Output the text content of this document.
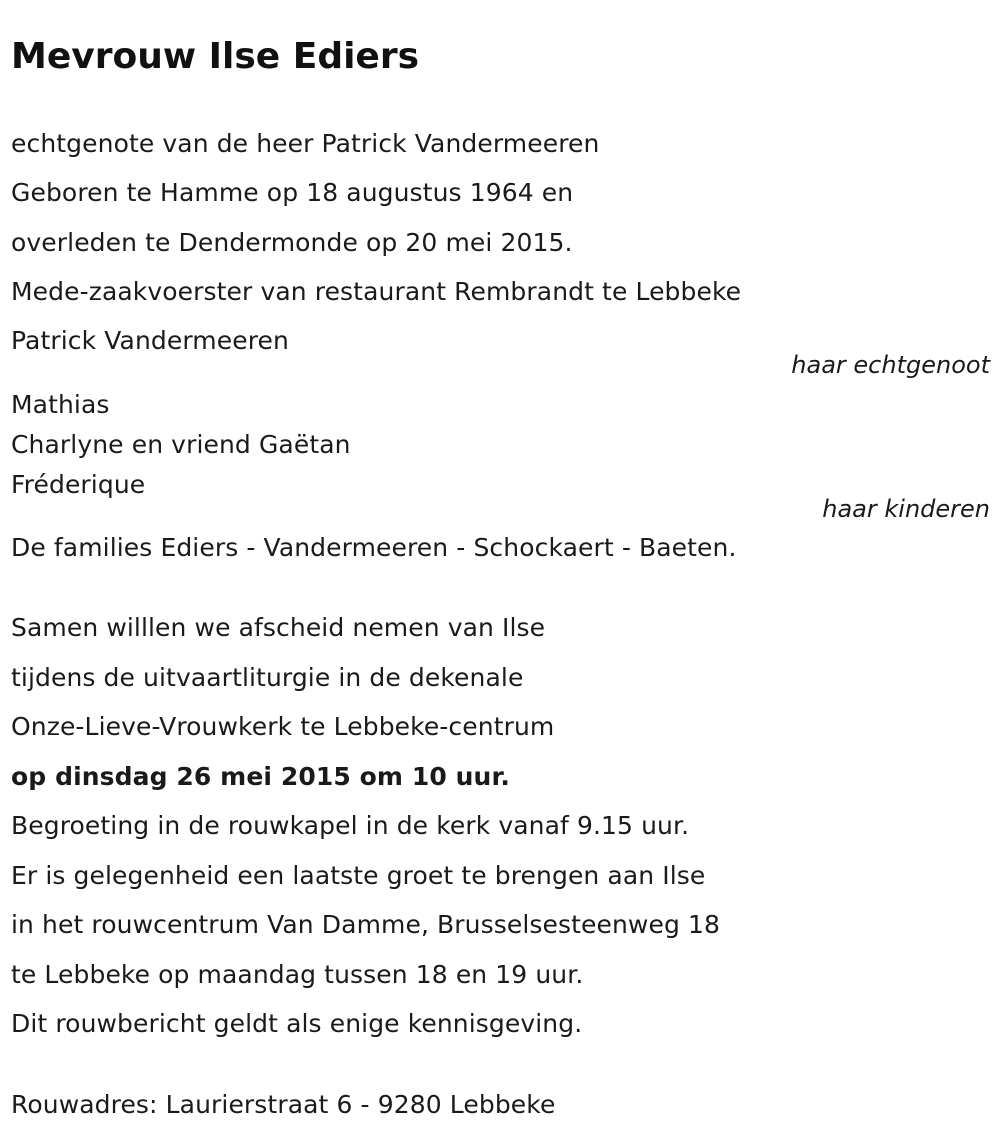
Mevrouw Ilse Ediers
echtgenote van de heer Patrick Vandermeeren
Geboren te Hamme op 18 augustus 1964 en
overleden te Dendermonde op 20 mei 2015.
Mede-zaakvoerster van restaurant Rembrandt te Lebbeke
Patrick Vandermeeren
haar echtgenoot
Mathias
Charlyne en vriend Gaëtan
Fréderique
haar kinderen
De families Ediers - Vandermeeren - Schockaert - Baeten.
Samen willlen we afscheid nemen van Ilse
tijdens de uitvaartliturgie in de dekenale
Onze-Lieve-Vrouwkerk te Lebbeke-centrum
op dinsdag 26 mei 2015 om 10 uur.
Begroeting in de rouwkapel in de kerk vanaf 9.15 uur.
Er is gelegenheid een laatste groet te brengen aan Ilse
in het rouwcentrum Van Damme, Brusselsesteenweg 18
te Lebbeke op maandag tussen 18 en 19 uur.
Dit rouwbericht geldt als enige kennisgeving.
Rouwadres: Laurierstraat 6 - 9280 Lebbeke
